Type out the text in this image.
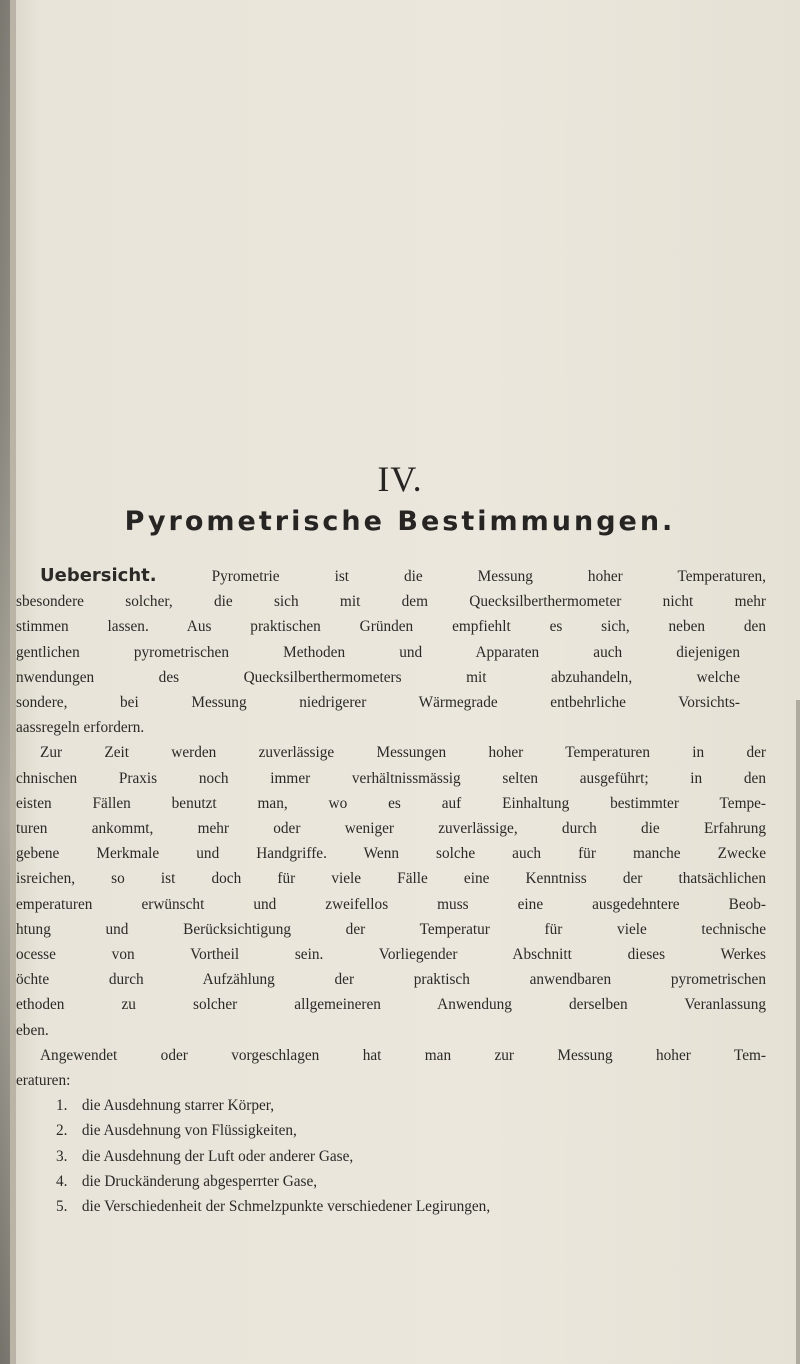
IV.
Pyrometrische Bestimmungen.
Uebersicht.	Pyrometrie ist die Messung hoher Temperaturen,
sbesondere solcher, die sich mit dem Quecksilberthermometer nicht mehr
stimmen lassen. Aus praktischen Gründen empfiehlt es sich, neben den
gentlichen pyrometrischen Methoden und Apparaten auch diejenigen
nwendungen des Quecksilberthermometers mit abzuhandeln, welche
sondere, bei Messung niedrigerer Wärmegrade entbehrliche Vorsichts-
aassregeln erfordern.
Zur Zeit werden zuverlässige Messungen hoher Temperaturen in der
chnischen Praxis noch immer verhältnissmässig selten ausgeführt; in den
eisten Fällen benutzt man, wo es auf Einhaltung bestimmter Tempe-
turen ankommt, mehr oder weniger zuverlässige, durch die Erfahrung
gebene Merkmale und Handgriffe. Wenn solche auch für manche Zwecke
isreichen, so ist doch für viele Fälle eine Kenntniss der thatsächlichen
emperaturen erwünscht und zweifellos muss eine ausgedehntere Beob-
htung und Berücksichtigung der Temperatur für viele technische
ocesse von Vortheil sein. Vorliegender Abschnitt dieses Werkes
öchte durch Aufzählung der praktisch anwendbaren pyrometrischen
ethoden zu solcher allgemeineren Anwendung derselben Veranlassung
eben.
Angewendet oder vorgeschlagen hat man zur Messung hoher Tem-
eraturen:
1. die Ausdehnung starrer Körper,
2. die Ausdehnung von Flüssigkeiten,
3. die Ausdehnung der Luft oder anderer Gase,
4. die Druckänderung abgesperrter Gase,
5. die Verschiedenheit der Schmelzpunkte verschiedener Legirungen,
